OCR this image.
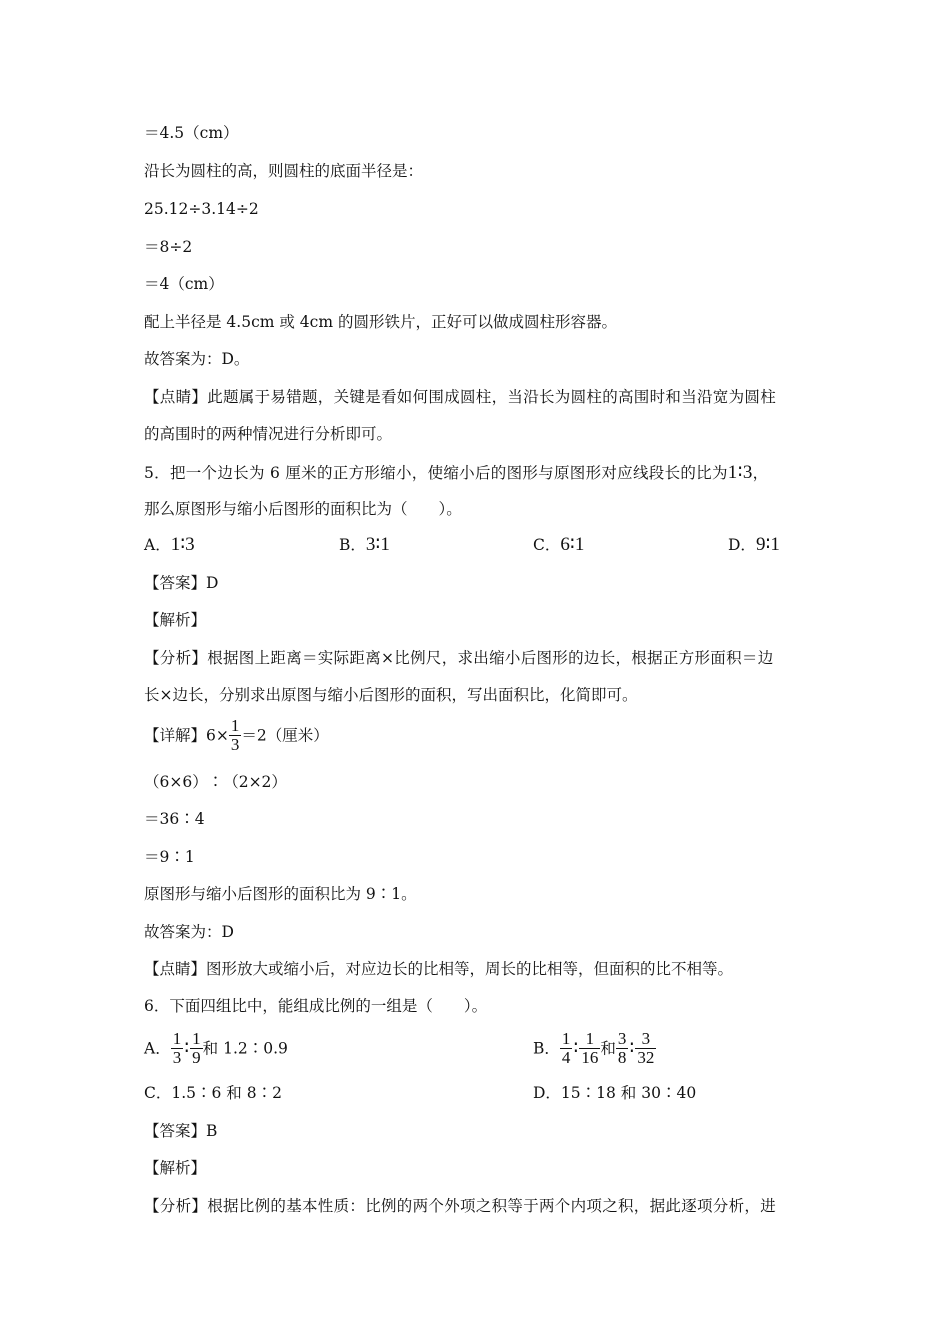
＝4.5（cm）
沿长为圆柱的高，则圆柱的底面半径是：
25.12÷3.14÷2
＝8÷2
＝4（cm）
配上半径是 4.5cm 或 4cm 的圆形铁片，正好可以做成圆柱形容器。
故答案为：D。
【点睛】此题属于易错题，关键是看如何围成圆柱，当沿长为圆柱的高围时和当沿宽为圆柱
的高围时的两种情况进行分析即可。
5．把一个边长为 6 厘米的正方形缩小，使缩小后的图形与原图形对应线段长的比为1∶3，
那么原图形与缩小后图形的面积比为（　　）。
A．1∶3	B．3∶1	C．6∶1	D．9∶1
【答案】D
【解析】
【分析】根据图上距离＝实际距离×比例尺，求出缩小后图形的边长，根据正方形面积＝边
长×边长，分别求出原图与缩小后图形的面积，写出面积比，化简即可。
【详解】$6\times \frac{1}{3} =2$（厘米）
（6×6）∶（2×2）
＝36∶4
＝9∶1
原图形与缩小后图形的面积比为 9∶1。
故答案为：D
【点睛】图形放大或缩小后，对应边长的比相等，周长的比相等，但面积的比不相等。
6．下面四组比中，能组成比例的一组是（　　）。
A． $\frac{1}{3}$ ∶ $\frac{1}{9}$ 和 1.2∶0.9	B． $\frac{1}{4}$ ∶ $\frac{1}{16}$ 和 $\frac{3}{8}$ ∶ $\frac{3}{32}$
C．1.5∶6 和 8∶2	D．15∶18 和 30∶40
【答案】B
【解析】
【分析】根据比例的基本性质：比例的两个外项之积等于两个内项之积，据此逐项分析，进
